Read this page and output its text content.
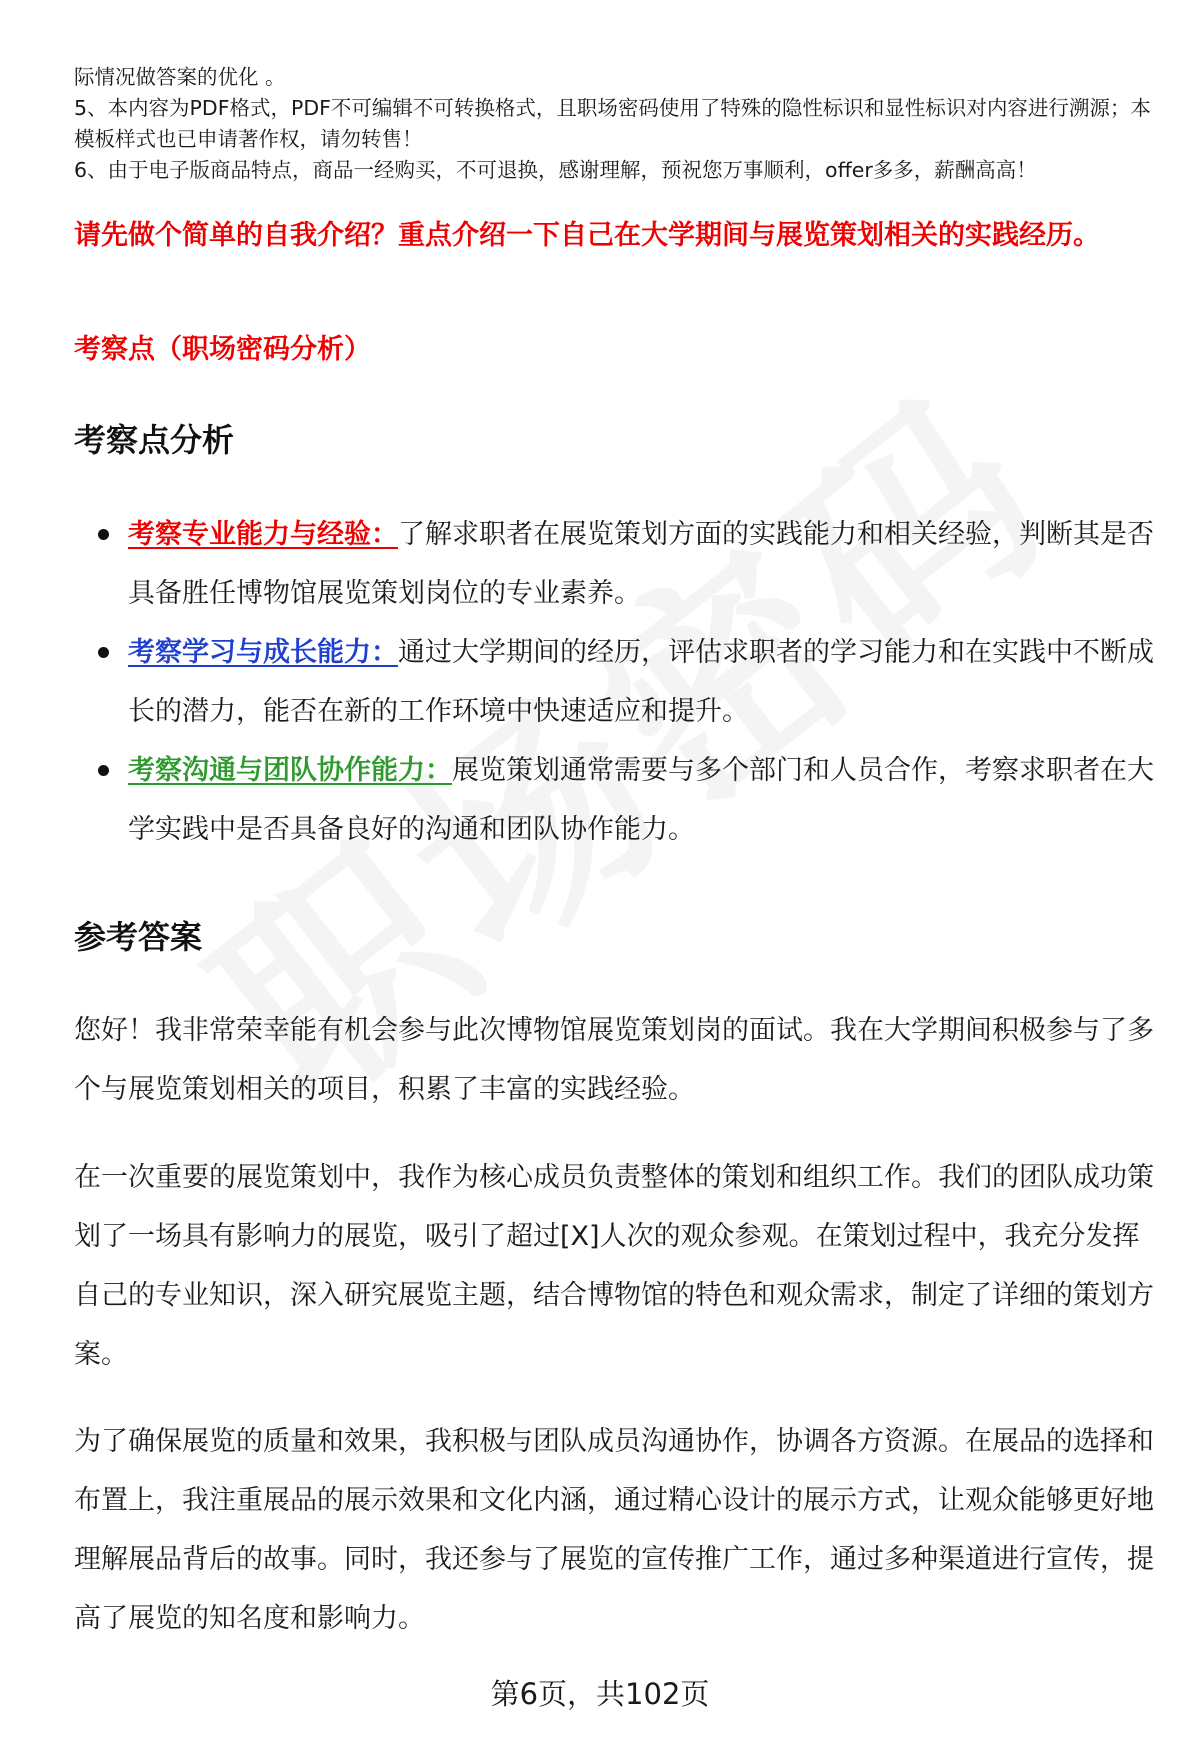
际情况做答案的优化 。

5、本内容为PDF格式，PDF不可编辑不可转换格式，且职场密码使用了特殊的隐性标识和显性标识对内容进行溯源；本模板样式也已申请著作权，请勿转售！

6、由于电子版商品特点，商品一经购买，不可退换，感谢理解，预祝您万事顺利，offer多多，薪酬高高！

请先做个简单的自我介绍？重点介绍一下自己在大学期间与展览策划相关的实践经历。
考察点（职场密码分析）
考察点分析
考察专业能力与经验：了解求职者在展览策划方面的实践能力和相关经验，判断其是否具备胜任博物馆展览策划岗位的专业素养。
考察学习与成长能力：通过大学期间的经历，评估求职者的学习能力和在实践中不断成长的潜力，能否在新的工作环境中快速适应和提升。
考察沟通与团队协作能力：展览策划通常需要与多个部门和人员合作，考察求职者在大学实践中是否具备良好的沟通和团队协作能力。
参考答案

您好！我非常荣幸能有机会参与此次博物馆展览策划岗的面试。我在大学期间积极参与了多个与展览策划相关的项目，积累了丰富的实践经验。

在一次重要的展览策划中，我作为核心成员负责整体的策划和组织工作。我们的团队成功策划了一场具有影响力的展览，吸引了超过[X]人次的观众参观。在策划过程中，我充分发挥自己的专业知识，深入研究展览主题，结合博物馆的特色和观众需求，制定了详细的策划方案。

为了确保展览的质量和效果，我积极与团队成员沟通协作，协调各方资源。在展品的选择和布置上，我注重展品的展示效果和文化内涵，通过精心设计的展示方式，让观众能够更好地理解展品背后的故事。同时，我还参与了展览的宣传推广工作，通过多种渠道进行宣传，提高了展览的知名度和影响力。

第6页，共102页
